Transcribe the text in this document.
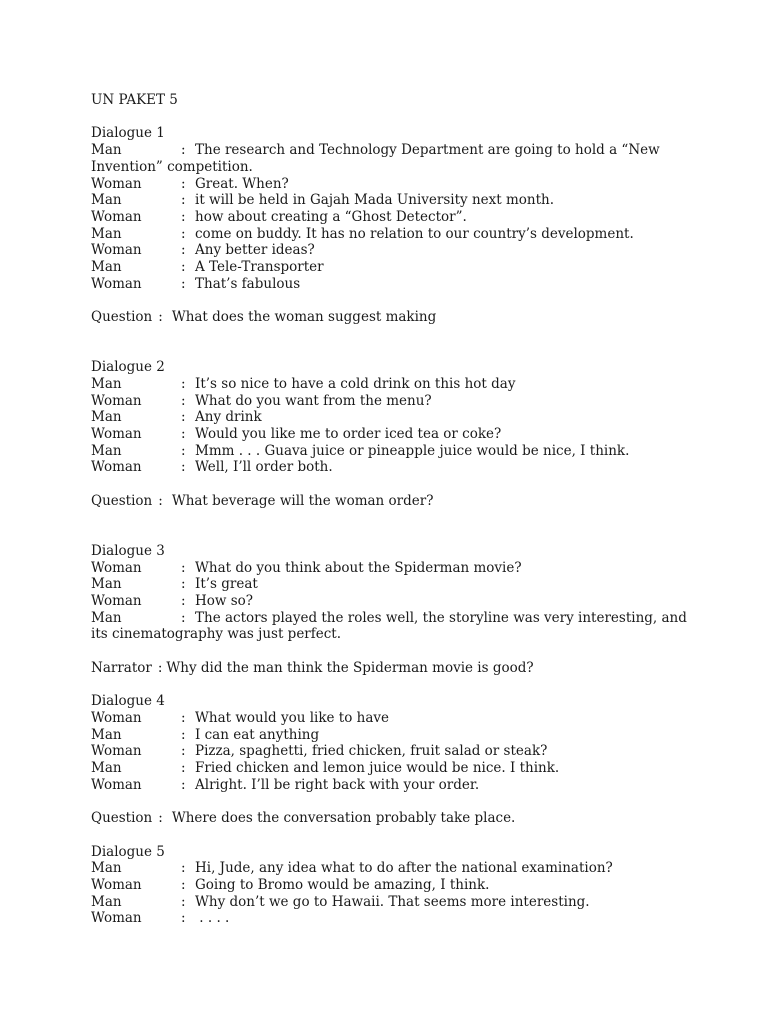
UN PAKET 5
Dialogue 1
Man	: The research and Technology Department are going to hold a “New
Invention” competition.
Woman	: Great. When?
Man	: it will be held in Gajah Mada University next month.
Woman	: how about creating a “Ghost Detector”.
Man	: come on buddy. It has no relation to our country’s development.
Woman	: Any better ideas?
Man	: A Tele-Transporter
Woman	: That’s fabulous
Question : What does the woman suggest making
Dialogue 2
Man	: It’s so nice to have a cold drink on this hot day
Woman	: What do you want from the menu?
Man	: Any drink
Woman	: Would you like me to order iced tea or coke?
Man	: Mmm . . . Guava juice or pineapple juice would be nice, I think.
Woman	: Well, I’ll order both.
Question : What beverage will the woman order?
Dialogue 3
Woman	: What do you think about the Spiderman movie?
Man	: It’s great
Woman	: How so?
Man	: The actors played the roles well, the storyline was very interesting, and
its cinematography was just perfect.
Narrator : Why did the man think the Spiderman movie is good?
Dialogue 4
Woman	: What would you like to have
Man	: I can eat anything
Woman	: Pizza, spaghetti, fried chicken, fruit salad or steak?
Man	: Fried chicken and lemon juice would be nice. I think.
Woman	: Alright. I’ll be right back with your order.
Question : Where does the conversation probably take place.
Dialogue 5
Man	: Hi, Jude, any idea what to do after the national examination?
Woman	: Going to Bromo would be amazing, I think.
Man	: Why don’t we go to Hawaii. That seems more interesting.
Woman	: . . . .
